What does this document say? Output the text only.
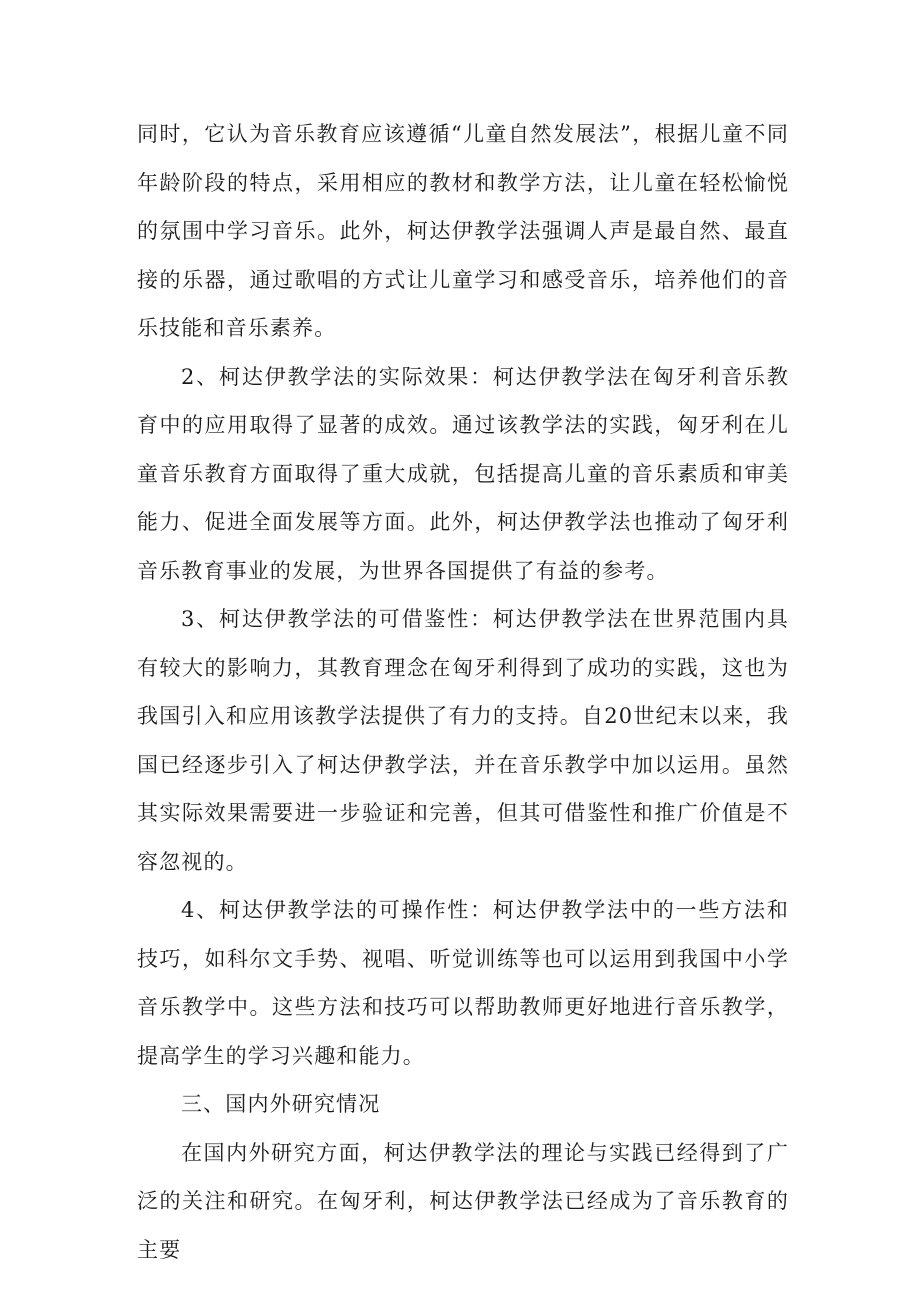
同时，它认为音乐教育应该遵循“儿童自然发展法”，根据儿童不同年龄阶段的特点，采用相应的教材和教学方法，让儿童在轻松愉悦的氛围中学习音乐。此外，柯达伊教学法强调人声是最自然、最直接的乐器，通过歌唱的方式让儿童学习和感受音乐，培养他们的音乐技能和音乐素养。

2、柯达伊教学法的实际效果：柯达伊教学法在匈牙利音乐教育中的应用取得了显著的成效。通过该教学法的实践，匈牙利在儿童音乐教育方面取得了重大成就，包括提高儿童的音乐素质和审美能力、促进全面发展等方面。此外，柯达伊教学法也推动了匈牙利音乐教育事业的发展，为世界各国提供了有益的参考。

3、柯达伊教学法的可借鉴性：柯达伊教学法在世界范围内具有较大的影响力，其教育理念在匈牙利得到了成功的实践，这也为我国引入和应用该教学法提供了有力的支持。自20世纪末以来，我国已经逐步引入了柯达伊教学法，并在音乐教学中加以运用。虽然其实际效果需要进一步验证和完善，但其可借鉴性和推广价值是不容忽视的。

4、柯达伊教学法的可操作性：柯达伊教学法中的一些方法和技巧，如科尔文手势、视唱、听觉训练等也可以运用到我国中小学音乐教学中。这些方法和技巧可以帮助教师更好地进行音乐教学，提高学生的学习兴趣和能力。

三、国内外研究情况

在国内外研究方面，柯达伊教学法的理论与实践已经得到了广泛的关注和研究。在匈牙利，柯达伊教学法已经成为了音乐教育的主要
